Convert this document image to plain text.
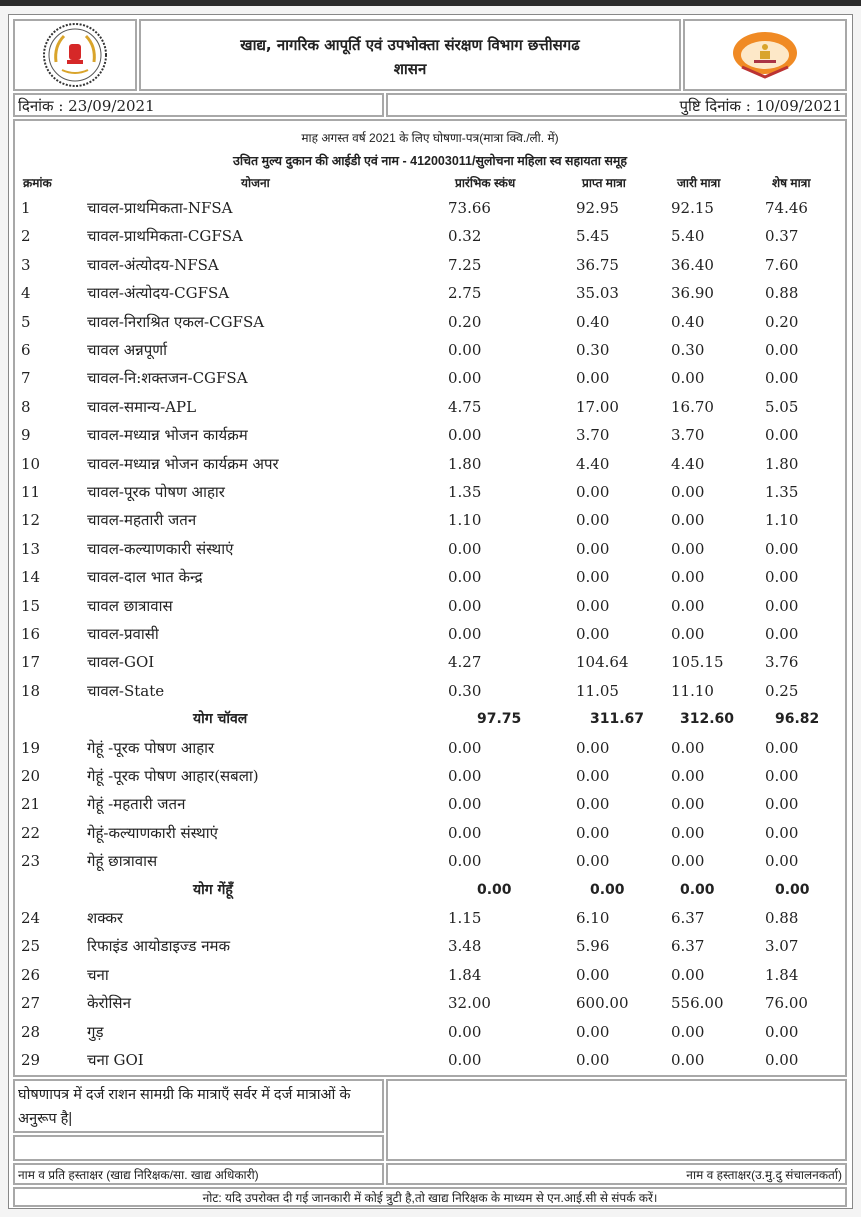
खाद्य, नागरिक आपूर्ति एवं उपभोक्ता संरक्षण विभाग छत्तीसगढ
शासन
दिनांक : 23/09/2021	पुष्टि दिनांक : 10/09/2021
माह अगस्त वर्ष 2021 के लिए घोषणा-पत्र(मात्रा क्वि./ली. में)
उचित मुल्य दुकान की आईडी एवं नाम - 412003011/सुलोचना महिला स्व सहायता समूह
क्रमांक	योजना	प्रारंभिक स्कंध	प्राप्त मात्रा	जारी मात्रा	शेष मात्रा
1	चावल-प्राथमिकता-NFSA	73.66	92.95	92.15	74.46
2	चावल-प्राथमिकता-CGFSA	0.32	5.45	5.40	0.37
3	चावल-अंत्योदय-NFSA	7.25	36.75	36.40	7.60
4	चावल-अंत्योदय-CGFSA	2.75	35.03	36.90	0.88
5	चावल-निराश्रित एकल-CGFSA	0.20	0.40	0.40	0.20
6	चावल अन्नपूर्णा	0.00	0.30	0.30	0.00
7	चावल-नि:शक्तजन-CGFSA	0.00	0.00	0.00	0.00
8	चावल-समान्य-APL	4.75	17.00	16.70	5.05
9	चावल-मध्यान्न भोजन कार्यक्रम	0.00	3.70	3.70	0.00
10	चावल-मध्यान्न भोजन कार्यक्रम अपर	1.80	4.40	4.40	1.80
11	चावल-पूरक पोषण आहार	1.35	0.00	0.00	1.35
12	चावल-महतारी जतन	1.10	0.00	0.00	1.10
13	चावल-कल्याणकारी संस्थाएं	0.00	0.00	0.00	0.00
14	चावल-दाल भात केन्द्र	0.00	0.00	0.00	0.00
15	चावल छात्रावास	0.00	0.00	0.00	0.00
16	चावल-प्रवासी	0.00	0.00	0.00	0.00
17	चावल-GOI	4.27	104.64	105.15	3.76
18	चावल-State	0.30	11.05	11.10	0.25
योग चॉवल	97.75	311.67	312.60	96.82
19	गेहूं -पूरक पोषण आहार	0.00	0.00	0.00	0.00
20	गेहूं -पूरक पोषण आहार(सबला)	0.00	0.00	0.00	0.00
21	गेहूं -महतारी जतन	0.00	0.00	0.00	0.00
22	गेहूं-कल्याणकारी संस्थाएं	0.00	0.00	0.00	0.00
23	गेहूं छात्रावास	0.00	0.00	0.00	0.00
योग गेंहूँ	0.00	0.00	0.00	0.00
24	शक्कर	1.15	6.10	6.37	0.88
25	रिफाइंड आयोडाइज्ड नमक	3.48	5.96	6.37	3.07
26	चना	1.84	0.00	0.00	1.84
27	केरोसिन	32.00	600.00	556.00	76.00
28	गुड़	0.00	0.00	0.00	0.00
29	चना GOI	0.00	0.00	0.00	0.00
घोषणापत्र में दर्ज राशन सामग्री कि मात्राएँ सर्वर में दर्ज मात्राओं के अनुरूप है|
नाम व प्रति हस्ताक्षर (खाद्य निरिक्षक/सा. खाद्य अधिकारी)	नाम व हस्ताक्षर(उ.मु.दु संचालनकर्ता)
नोट: यदि उपरोक्त दी गई जानकारी में कोई त्रुटी है,तो खाद्य निरिक्षक के माध्यम से एन.आई.सी से संपर्क करें।
